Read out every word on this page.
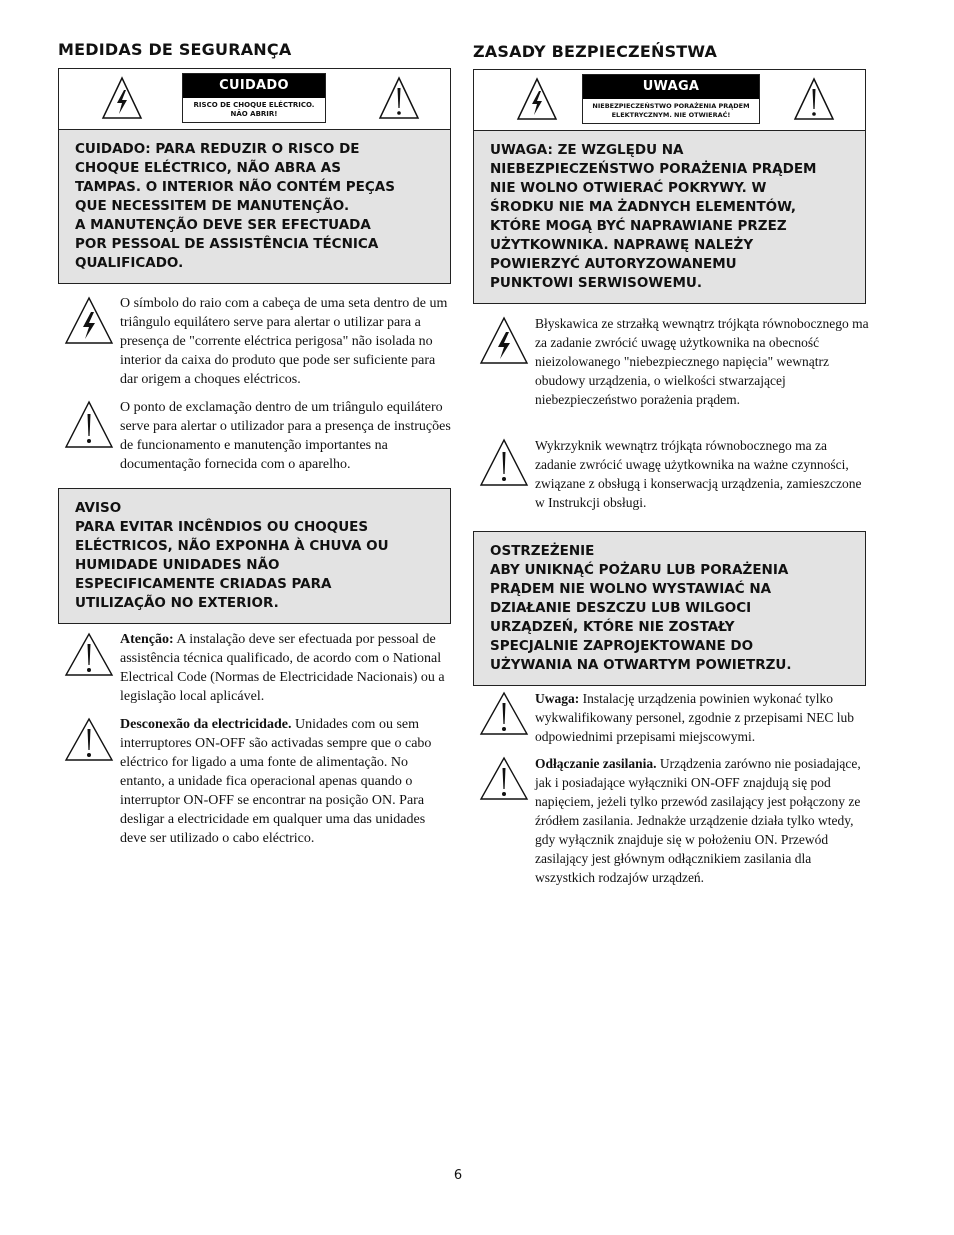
MEDIDAS DE SEGURANÇA
CUIDADO
RISCO DE CHOQUE ELÉCTRICO.
NÃO ABRIR!
CUIDADO: PARA REDUZIR O RISCO DE
CHOQUE ELÉCTRICO, NÃO ABRA AS
TAMPAS. O INTERIOR NÃO CONTÉM PEÇAS
QUE NECESSITEM DE MANUTENÇÃO.
A MANUTENÇÃO DEVE SER EFECTUADA
POR PESSOAL DE ASSISTÊNCIA TÉCNICA
QUALIFICADO.
O símbolo do raio com a cabeça de uma seta dentro de um triângulo equilátero serve para alertar o utilizar para a presença de "corrente eléctrica perigosa" não isolada no interior da caixa do produto que pode ser suficiente para dar origem a choques eléctricos.
O ponto de exclamação dentro de um triângulo equilátero serve para alertar o utilizador para a presença de instruções de funcionamento e manutenção importantes na documentação fornecida com o aparelho.
AVISO
PARA EVITAR INCÊNDIOS OU CHOQUES
ELÉCTRICOS, NÃO EXPONHA À CHUVA OU
HUMIDADE UNIDADES NÃO
ESPECIFICAMENTE CRIADAS PARA
UTILIZAÇÃO NO EXTERIOR.
Atenção: A instalação deve ser efectuada por pessoal de assistência técnica qualificado, de acordo com o National Electrical Code (Normas de Electricidade Nacionais) ou a legislação local aplicável.
Desconexão da electricidade. Unidades com ou sem interruptores ON-OFF são activadas sempre que o cabo eléctrico for ligado a uma fonte de alimentação. No entanto, a unidade fica operacional apenas quando o interruptor ON-OFF se encontrar na posição ON. Para desligar a electricidade em qualquer uma das unidades deve ser utilizado o cabo eléctrico.
ZASADY BEZPIECZEŃSTWA
UWAGA
NIEBEZPIECZEŃSTWO PORAŻENIA PRĄDEM
ELEKTRYCZNYM. NIE OTWIERAĆ!
UWAGA: ZE WZGLĘDU NA
NIEBEZPIECZEŃSTWO PORAŻENIA PRĄDEM
NIE WOLNO OTWIERAĆ POKRYWY. W
ŚRODKU NIE MA ŻADNYCH ELEMENTÓW,
KTÓRE MOGĄ BYĆ NAPRAWIANE PRZEZ
UŻYTKOWNIKA. NAPRAWĘ NALEŻY
POWIERZYĆ AUTORYZOWANEMU
PUNKTOWI SERWISOWEMU.
Błyskawica ze strzałką wewnątrz trójkąta równobocznego ma za zadanie zwrócić uwagę użytkownika na obecność nieizolowanego "niebezpiecznego napięcia" wewnątrz obudowy urządzenia, o wielkości stwarzającej niebezpieczeństwo porażenia prądem.
Wykrzyknik wewnątrz trójkąta równobocznego ma za zadanie zwrócić uwagę użytkownika na ważne czynności, związane z obsługą i konserwacją urządzenia, zamieszczone w Instrukcji obsługi.
OSTRZEŻENIE
ABY UNIKNĄĆ POŻARU LUB PORAŻENIA
PRĄDEM NIE WOLNO WYSTAWIAĆ NA
DZIAŁANIE DESZCZU LUB WILGOCI
URZĄDZEŃ, KTÓRE NIE ZOSTAŁY
SPECJALNIE ZAPROJEKTOWANE DO
UŻYWANIA NA OTWARTYM POWIETRZU.
Uwaga: Instalację urządzenia powinien wykonać tylko wykwalifikowany personel, zgodnie z przepisami NEC lub odpowiednimi przepisami miejscowymi.
Odłączanie zasilania. Urządzenia zarówno nie posiadające, jak i posiadające wyłączniki ON-OFF znajdują się pod napięciem, jeżeli tylko przewód zasilający jest połączony ze źródłem zasilania. Jednakże urządzenie działa tylko wtedy, gdy wyłącznik znajduje się w położeniu ON. Przewód zasilający jest głównym odłącznikiem zasilania dla wszystkich rodzajów urządzeń.
6
